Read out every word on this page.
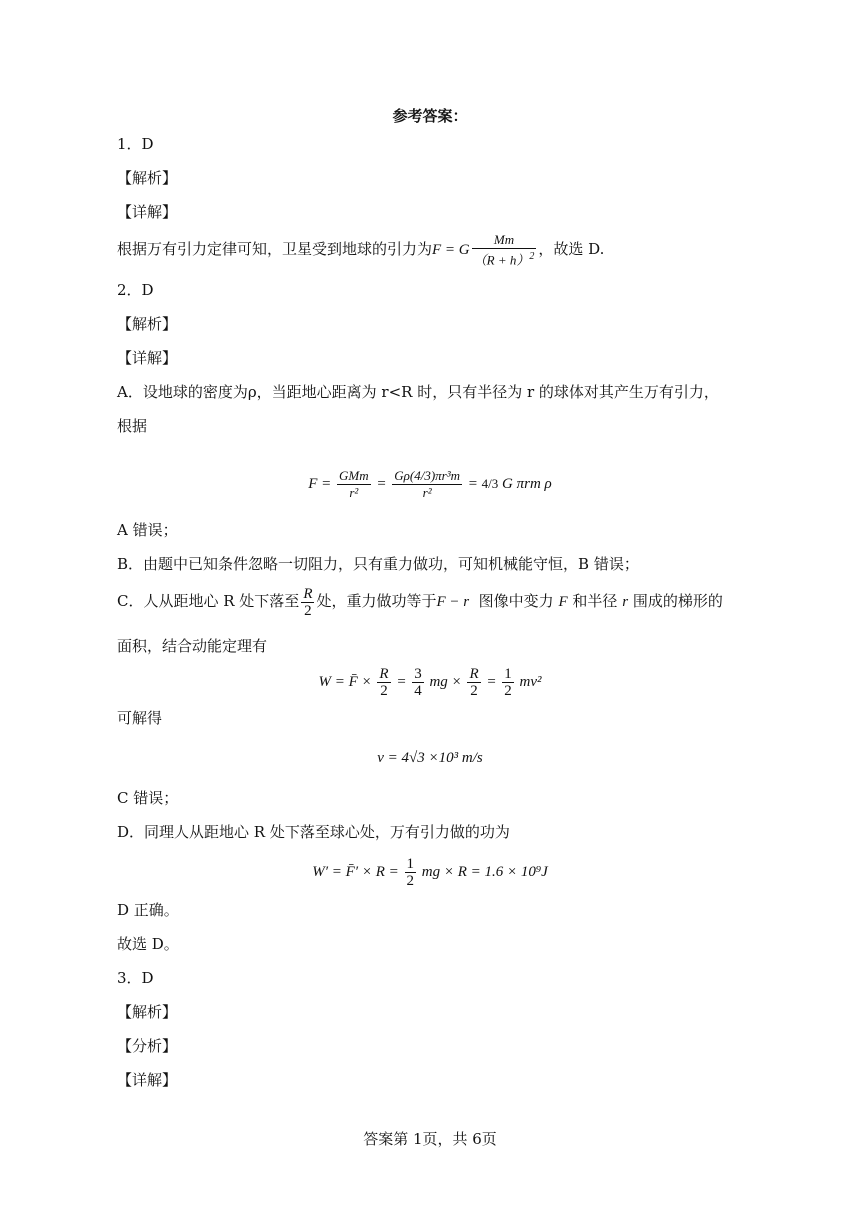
参考答案：
1．D
【解析】
【详解】
根据万有引力定律可知，卫星受到地球的引力为F = G $\frac{Mm}{(R + h)^2}$ ，故选 D.
2．D
【解析】
【详解】
A．设地球的密度为ρ，当距地心距离为 r<R 时，只有半径为 r 的球体对其产生万有引力，
根据
$F = \frac{\text{GMm}}{\text{r²}} = \frac{\text{Gρ(4/3)πr³m}}{\text{r²}} = 4/3$ G πrm ρ
A 错误；
B．由题中已知条件忽略一切阻力，只有重力做功，可知机械能守恒，B 错误；
C．人从距地心 R 处下落至 $\frac{R}{2}$ 处，重力做功等于F − r 图像中变力 F 和半径 r 围成的梯形的
面积，结合动能定理有
W = F̄ × $\frac{R}{2} = \frac{3}{4}$ mg × $\frac{R}{2} = \frac{1}{2} mv^2$
可解得
v = 4√3 ×10³ m/s
C 错误；
D．同理人从距地心 R 处下落至球心处，万有引力做的功为
W′ = F̄′ × $R = \frac{1}{2}$ mg × R = 1.6 × 10⁹J
D 正确。
故选 D。
3．D
【解析】
【分析】
【详解】
答案第 1页，共 6页
